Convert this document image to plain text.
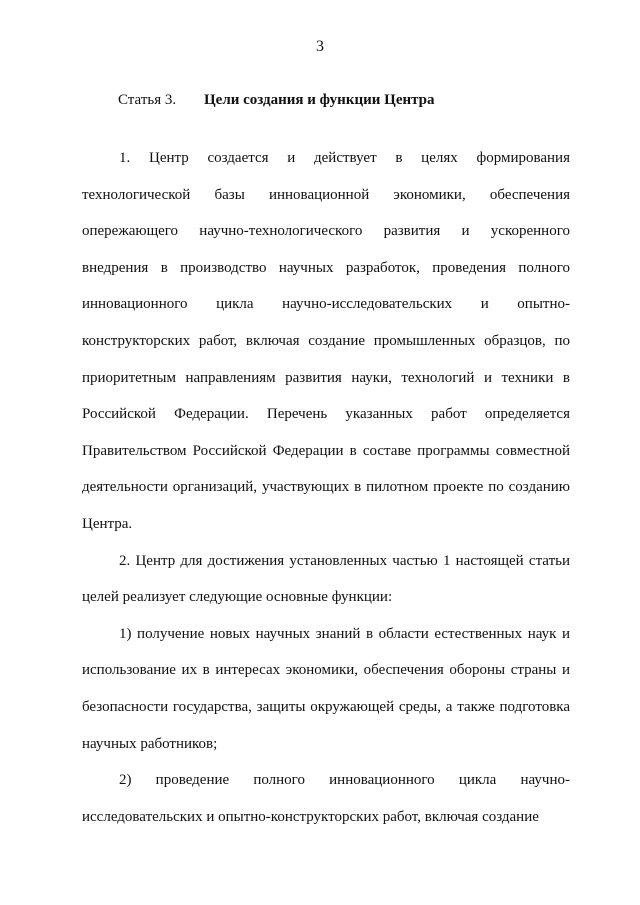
3
Статья 3. Цели создания и функции Центра

1. Центр создается и действует в целях формирования технологической базы инновационной экономики, обеспечения опережающего научно-технологического развития и ускоренного внедрения в производство научных разработок, проведения полного инновационного цикла научно-исследовательских и опытно-конструкторских работ, включая создание промышленных образцов, по приоритетным направлениям развития науки, технологий и техники в Российской Федерации. Перечень указанных работ определяется Правительством Российской Федерации в составе программы совместной деятельности организаций, участвующих в пилотном проекте по созданию Центра.

2. Центр для достижения установленных частью 1 настоящей статьи целей реализует следующие основные функции:

1) получение новых научных знаний в области естественных наук и использование их в интересах экономики, обеспечения обороны страны и безопасности государства, защиты окружающей среды, а также подготовка научных работников;

2) проведение полного инновационного цикла научно-исследовательских и опытно-конструкторских работ, включая создание
